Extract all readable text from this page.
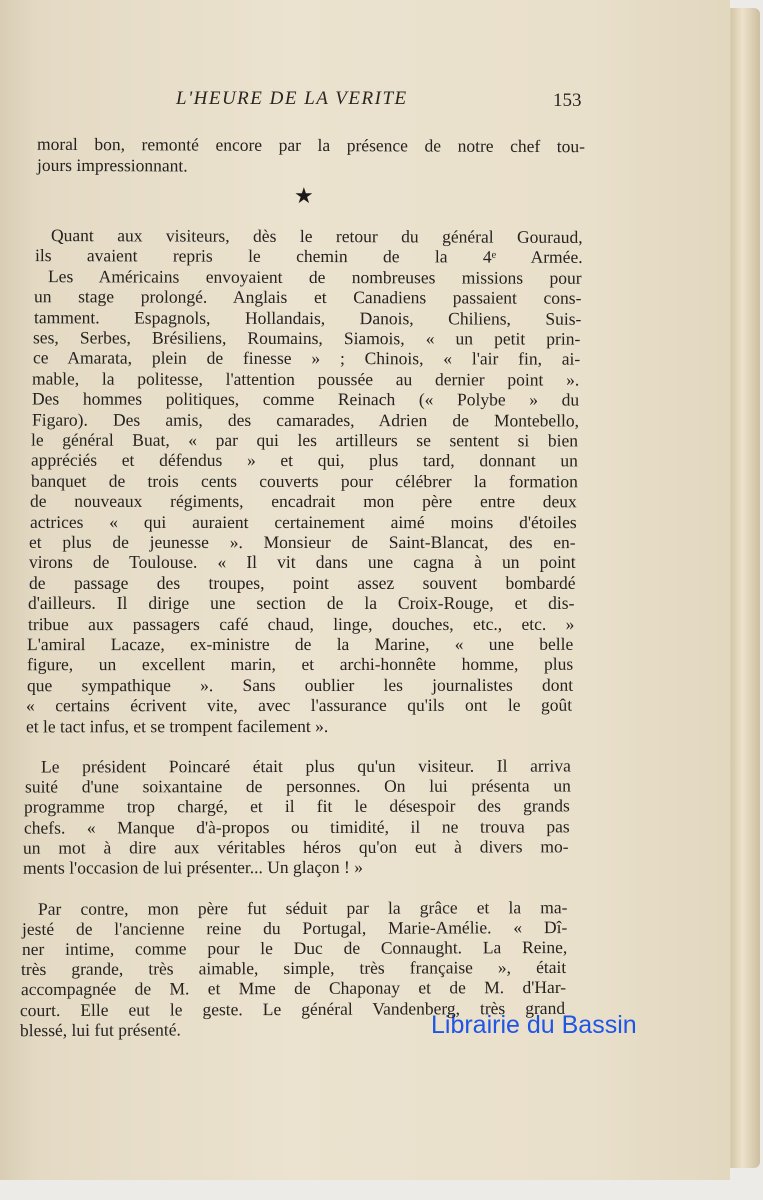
L'HEURE DE LA VERITE	153
★
Librairie du Bassin
moral bon, remonté encore par la présence de notre chef tou-
jours impressionnant.
Quant aux visiteurs, dès le retour du général Gouraud,
ils avaient repris le chemin de la 4ᵉ Armée.
Les Américains envoyaient de nombreuses missions pour
un stage prolongé. Anglais et Canadiens passaient cons-
tamment. Espagnols, Hollandais, Danois, Chiliens, Suis-
ses, Serbes, Brésiliens, Roumains, Siamois, « un petit prin-
ce Amarata, plein de finesse » ; Chinois, « l'air fin, ai-
mable, la politesse, l'attention poussée au dernier point ».
Des hommes politiques, comme Reinach (« Polybe » du
Figaro). Des amis, des camarades, Adrien de Montebello,
le général Buat, « par qui les artilleurs se sentent si bien
appréciés et défendus » et qui, plus tard, donnant un
banquet de trois cents couverts pour célébrer la formation
de nouveaux régiments, encadrait mon père entre deux
actrices « qui auraient certainement aimé moins d'étoiles
et plus de jeunesse ». Monsieur de Saint-Blancat, des en-
virons de Toulouse. « Il vit dans une cagna à un point
de passage des troupes, point assez souvent bombardé
d'ailleurs. Il dirige une section de la Croix-Rouge, et dis-
tribue aux passagers café chaud, linge, douches, etc., etc. »
L'amiral Lacaze, ex-ministre de la Marine, « une belle
figure, un excellent marin, et archi-honnête homme, plus
que sympathique ». Sans oublier les journalistes dont
« certains écrivent vite, avec l'assurance qu'ils ont le goût
et le tact infus, et se trompent facilement ».
Le président Poincaré était plus qu'un visiteur. Il arriva
suité d'une soixantaine de personnes. On lui présenta un
programme trop chargé, et il fit le désespoir des grands
chefs. « Manque d'à-propos ou timidité, il ne trouva pas
un mot à dire aux véritables héros qu'on eut à divers mo-
ments l'occasion de lui présenter... Un glaçon ! »
Par contre, mon père fut séduit par la grâce et la ma-
jesté de l'ancienne reine du Portugal, Marie-Amélie. « Dî-
ner intime, comme pour le Duc de Connaught. La Reine,
très grande, très aimable, simple, très française », était
accompagnée de M. et Mme de Chaponay et de M. d'Har-
court. Elle eut le geste. Le général Vandenberg, très grand
blessé, lui fut présenté.
